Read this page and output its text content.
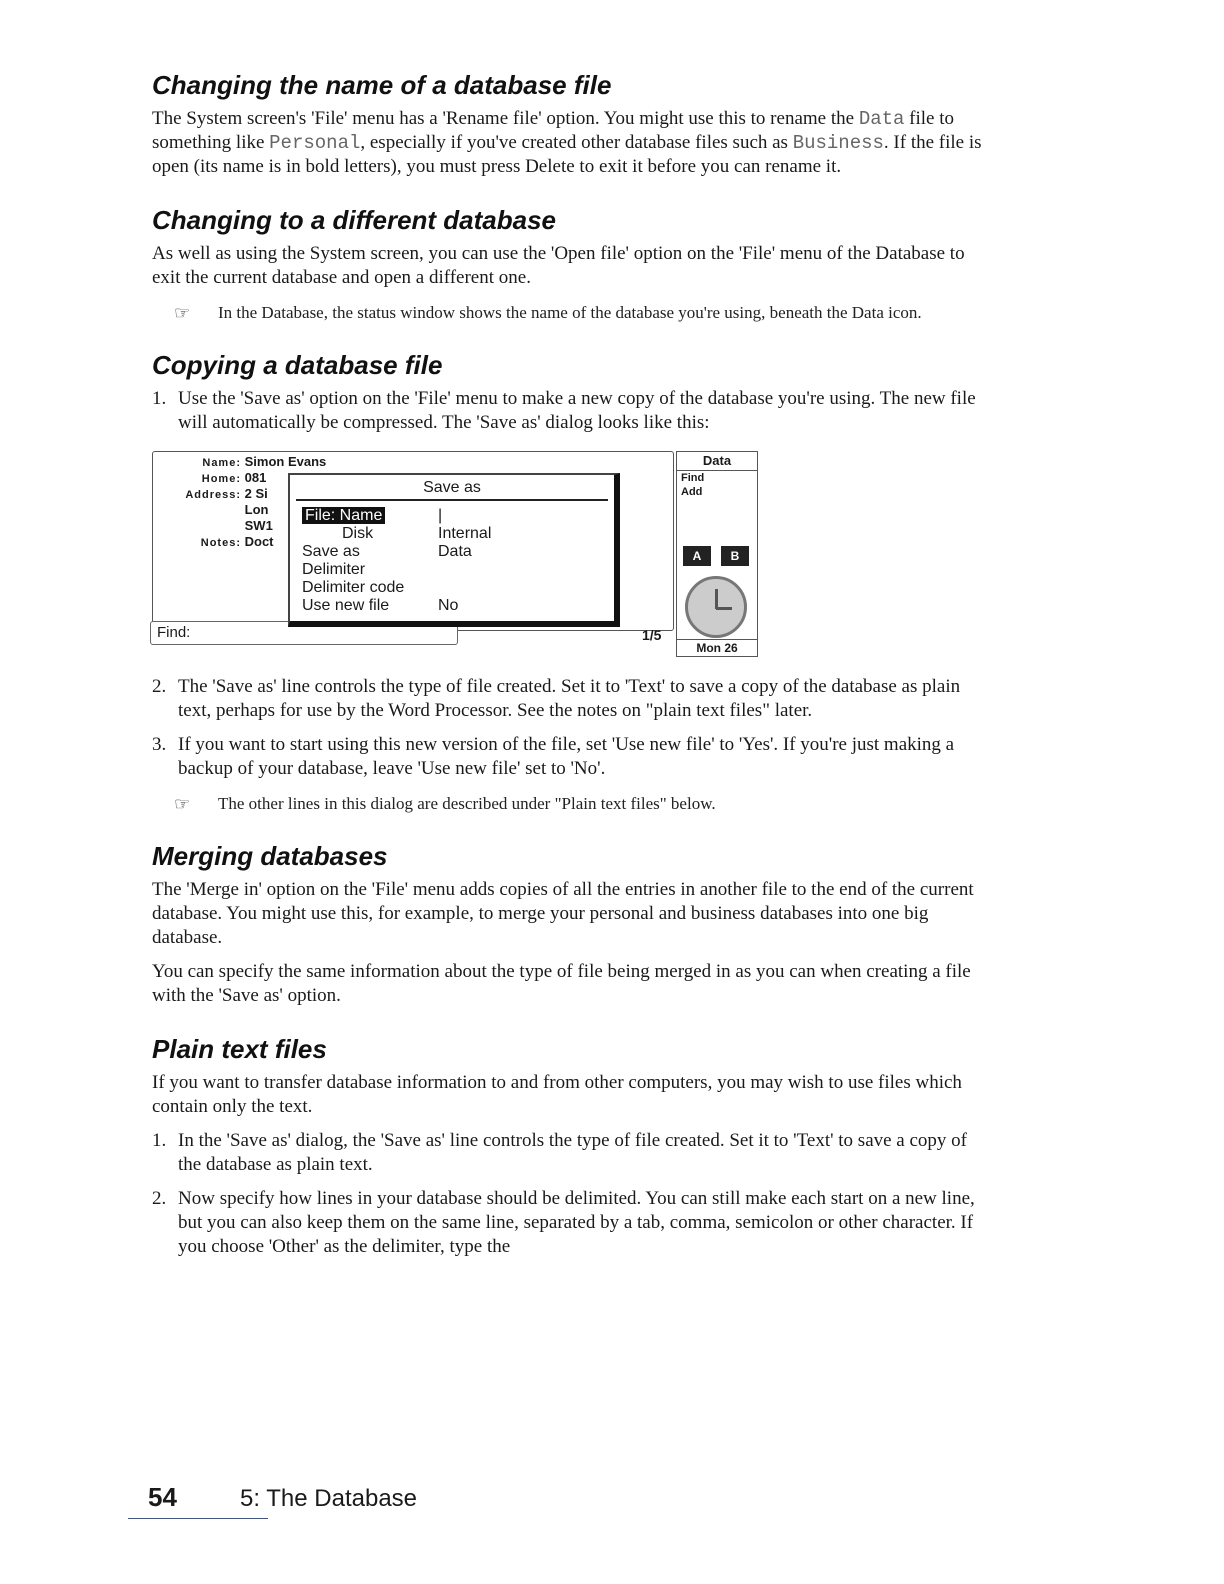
Changing the name of a database file

The System screen's 'File' menu has a 'Rename file' option. You might use this to rename the Data file to something like Personal, especially if you've created other database files such as Business. If the file is open (its name is in bold letters), you must press Delete to exit it before you can rename it.

Changing to a different database

As well as using the System screen, you can use the 'Open file' option on the 'File' menu of the Database to exit the current database and open a different one.

☞	In the Database, the status window shows the name of the database you're using, beneath the Data icon.
Copying a database file
1. Use the 'Save as' option on the 'File' menu to make a new copy of the database you're using. The new file will automatically be compressed. The 'Save as' dialog looks like this:
Name: Simon Evans
Home: 081
Address: 2 Si
Lon
SW1
Notes: Doct
Find:	1/5
Data
Find
Add
A	B
Mon 26
Save as
File: Name	|
Disk	Internal
Save as	Data
Delimiter
Delimiter code
Use new file	No
2. The 'Save as' line controls the type of file created. Set it to 'Text' to save a copy of the database as plain text, perhaps for use by the Word Processor. See the notes on "plain text files" later.
3. If you want to start using this new version of the file, set 'Use new file' to 'Yes'. If you're just making a backup of your database, leave 'Use new file' set to 'No'.
☞	The other lines in this dialog are described under "Plain text files" below.
Merging databases

The 'Merge in' option on the 'File' menu adds copies of all the entries in another file to the end of the current database. You might use this, for example, to merge your personal and business databases into one big database.

You can specify the same information about the type of file being merged in as you can when creating a file with the 'Save as' option.

Plain text files

If you want to transfer database information to and from other computers, you may wish to use files which contain only the text.

1. In the 'Save as' dialog, the 'Save as' line controls the type of file created. Set it to 'Text' to save a copy of the database as plain text.
2. Now specify how lines in your database should be delimited. You can still make each start on a new line, but you can also keep them on the same line, separated by a tab, comma, semicolon or other character. If you choose 'Other' as the delimiter, type the
54	5: The Database
